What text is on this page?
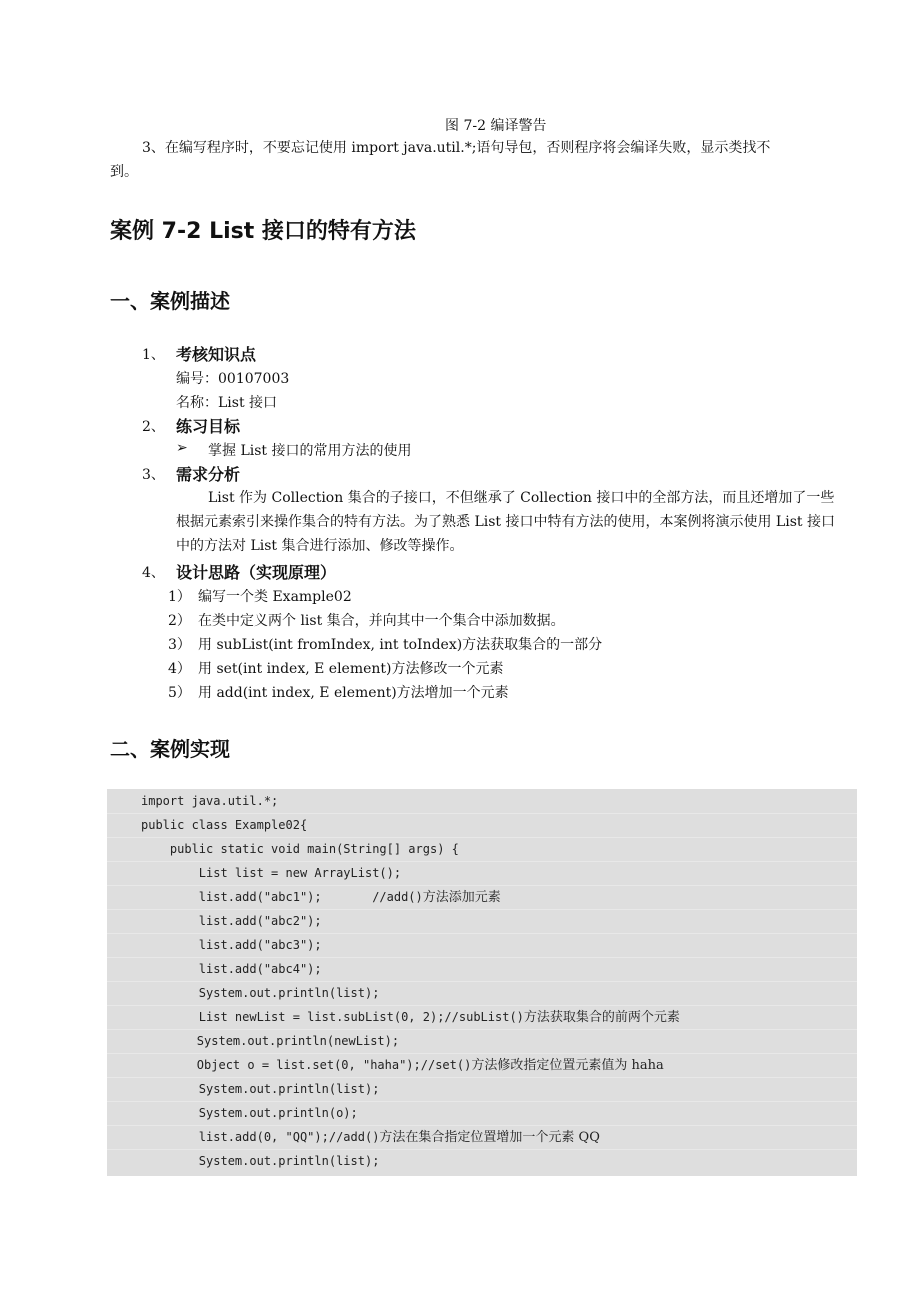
图 7-2 编译警告

3、在编写程序时，不要忘记使用 import java.util.*;语句导包，否则程序将会编译失败，显示类找不

到。

案例 7-2 List 接口的特有方法
一、案例描述
1、 考核知识点
编号：00107003
名称：List 接口
2、 练习目标
➢ 掌握 List 接口的常用方法的使用
3、 需求分析
List 作为 Collection 集合的子接口，不但继承了 Collection 接口中的全部方法，而且还增加了一些根据元素索引来操作集合的特有方法。为了熟悉 List 接口中特有方法的使用，本案例将演示使用 List 接口中的方法对 List 集合进行添加、修改等操作。
4、 设计思路（实现原理）
1） 编写一个类 Example02
2） 在类中定义两个 list 集合，并向其中一个集合中添加数据。
3） 用 subList(int fromIndex, int toIndex)方法获取集合的一部分
4） 用 set(int index, E element)方法修改一个元素
5） 用 add(int index, E element)方法增加一个元素
二、案例实现
import java.util.*;
public class Example02{
public static void main(String[] args) {
List list = new ArrayList();
list.add("abc1");       //add()方法添加元素
list.add("abc2");
list.add("abc3");
list.add("abc4");
System.out.println(list);
List newList = list.subList(0, 2);//subList()方法获取集合的前两个元素
System.out.println(newList);
Object o = list.set(0, "haha");//set()方法修改指定位置元素值为 haha
System.out.println(list);
System.out.println(o);
list.add(0, "QQ");//add()方法在集合指定位置增加一个元素 QQ
System.out.println(list);
